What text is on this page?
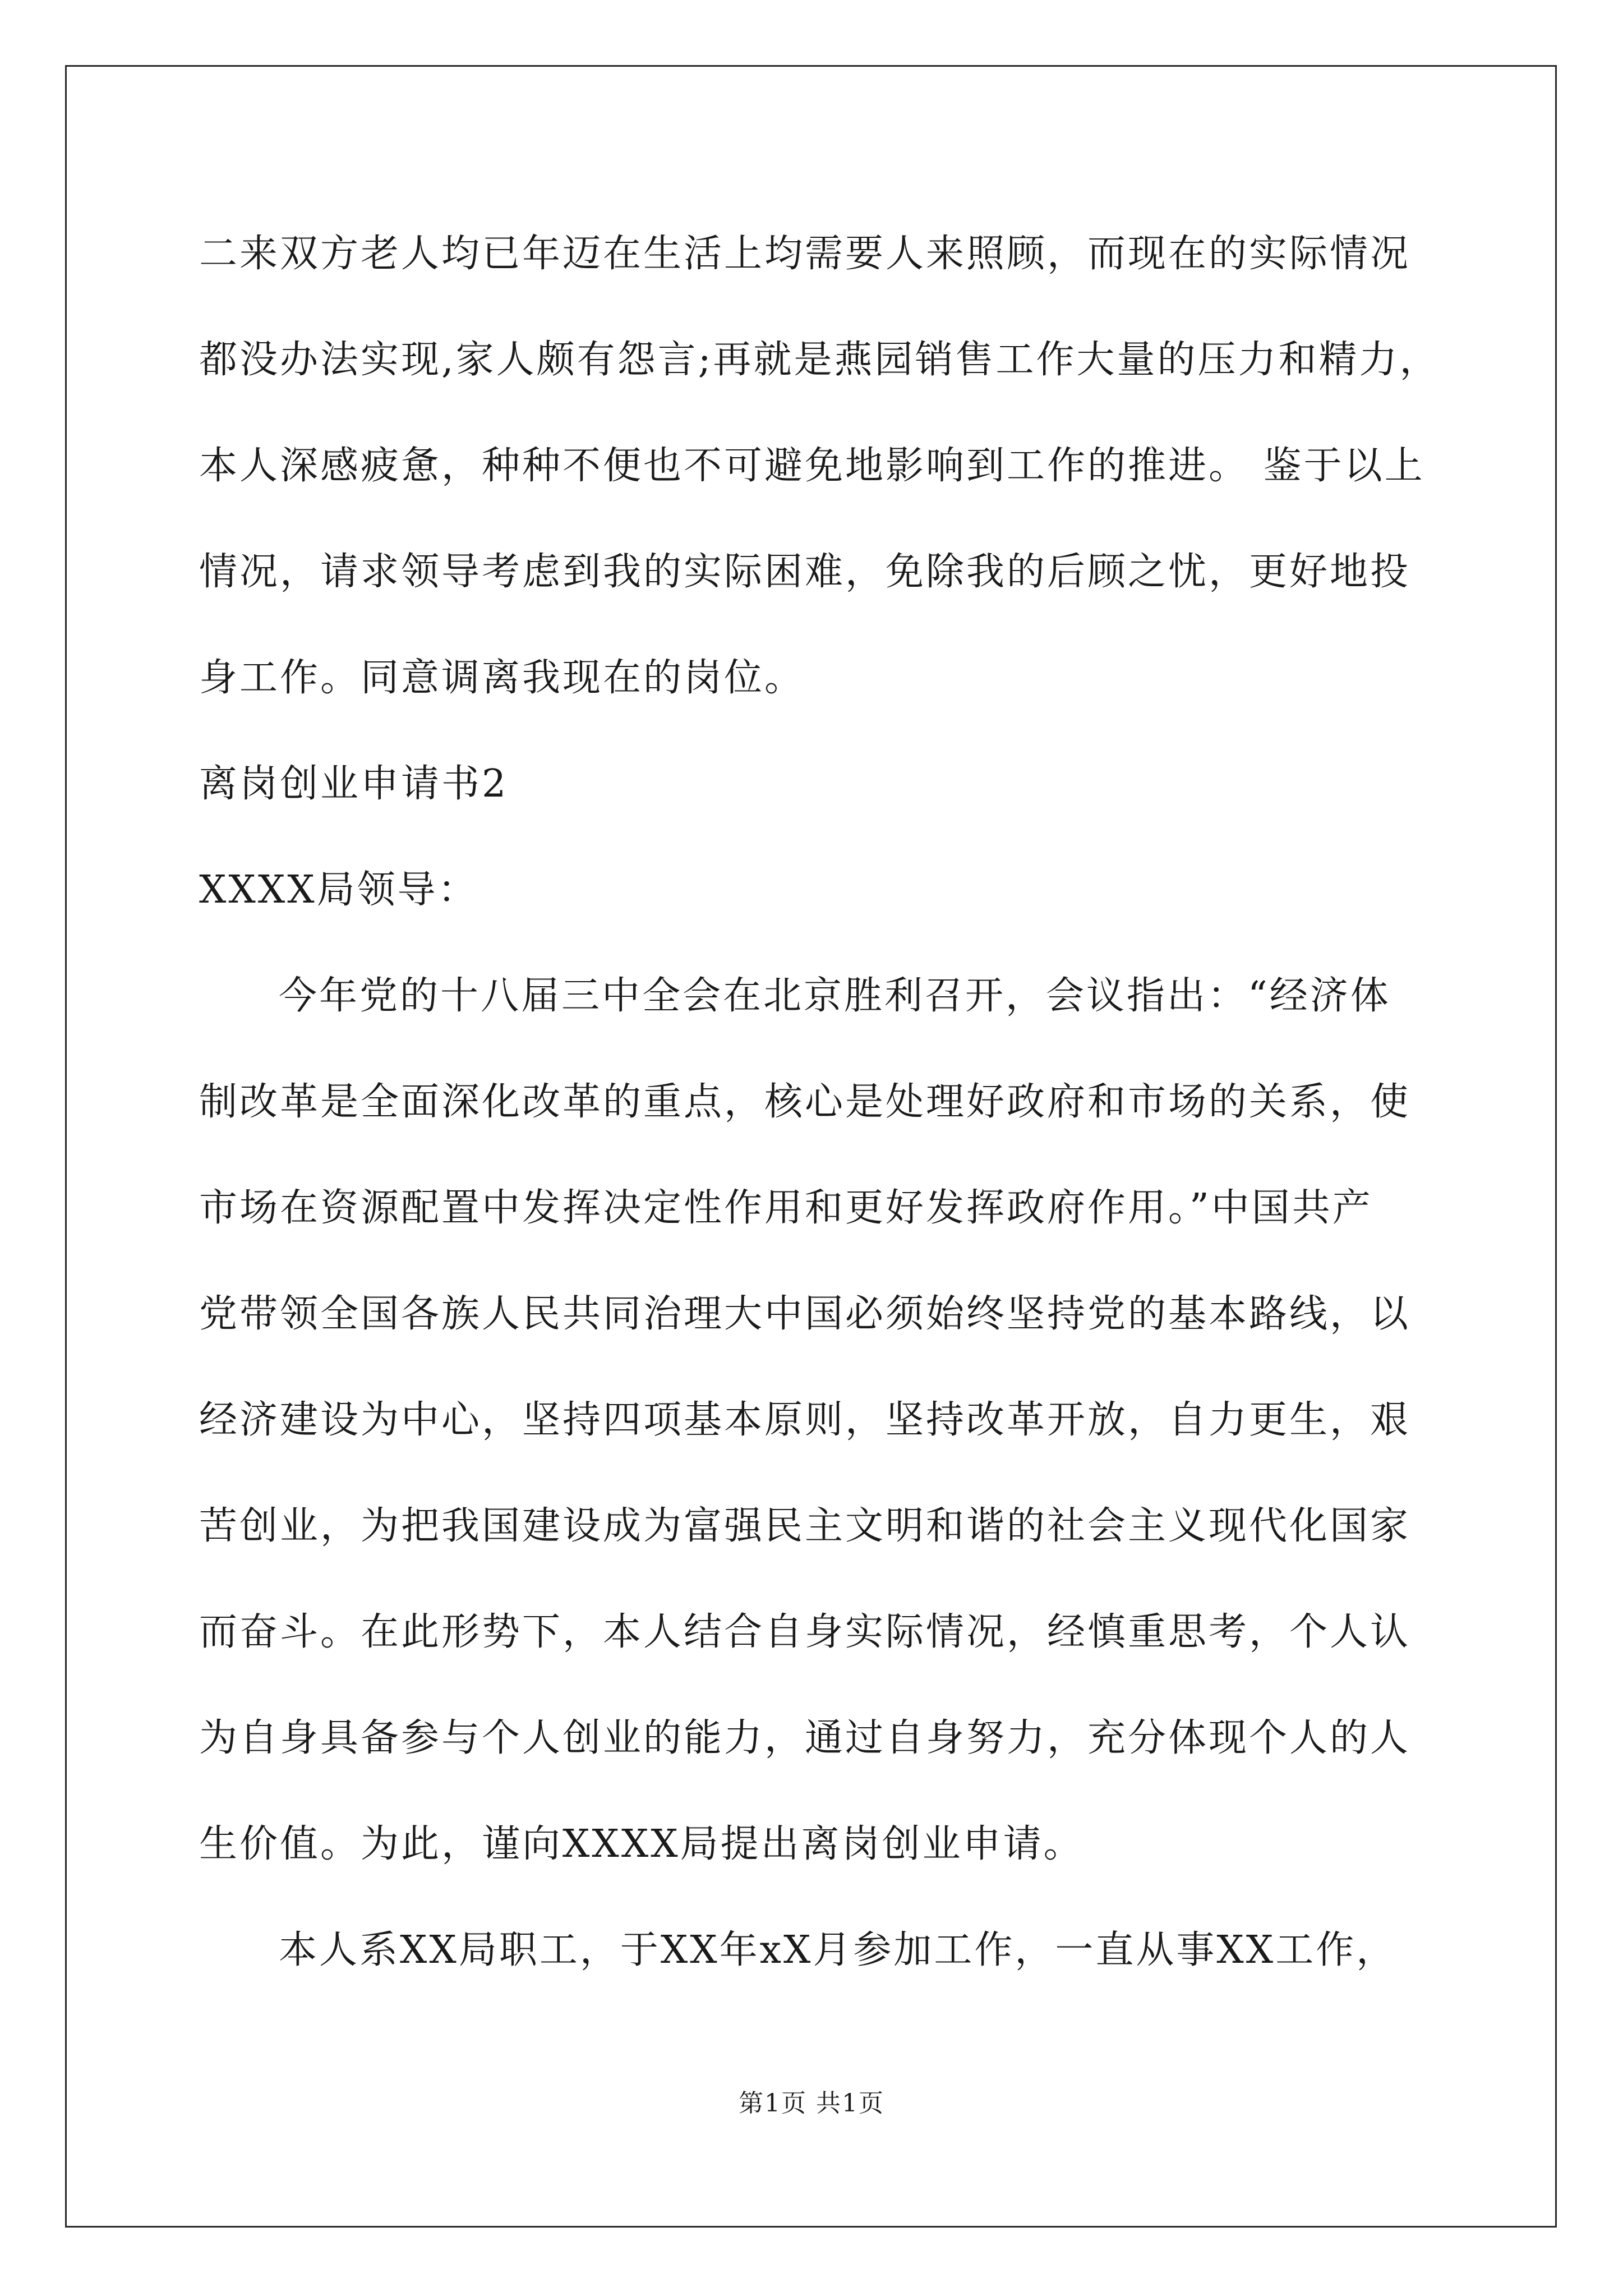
二来双方老人均已年迈在生活上均需要人来照顾，而现在的实际情况
都没办法实现,家人颇有怨言;再就是燕园销售工作大量的压力和精力，
本人深感疲惫，种种不便也不可避免地影响到工作的推进。 鉴于以上
情况，请求领导考虑到我的实际困难，免除我的后顾之忧，更好地投
身工作。同意调离我现在的岗位。
离岗创业申请书2
XXXX局领导：
今年党的十八届三中全会在北京胜利召开，会议指出：“经济体
制改革是全面深化改革的重点，核心是处理好政府和市场的关系，使
市场在资源配置中发挥决定性作用和更好发挥政府作用。”中国共产
党带领全国各族人民共同治理大中国必须始终坚持党的基本路线，以
经济建设为中心，坚持四项基本原则，坚持改革开放，自力更生，艰
苦创业，为把我国建设成为富强民主文明和谐的社会主义现代化国家
而奋斗。在此形势下，本人结合自身实际情况，经慎重思考，个人认
为自身具备参与个人创业的能力，通过自身努力，充分体现个人的人
生价值。为此，谨向XXXX局提出离岗创业申请。
本人系XX局职工，于XX年xX月参加工作，一直从事XX工作，
第1页 共1页
